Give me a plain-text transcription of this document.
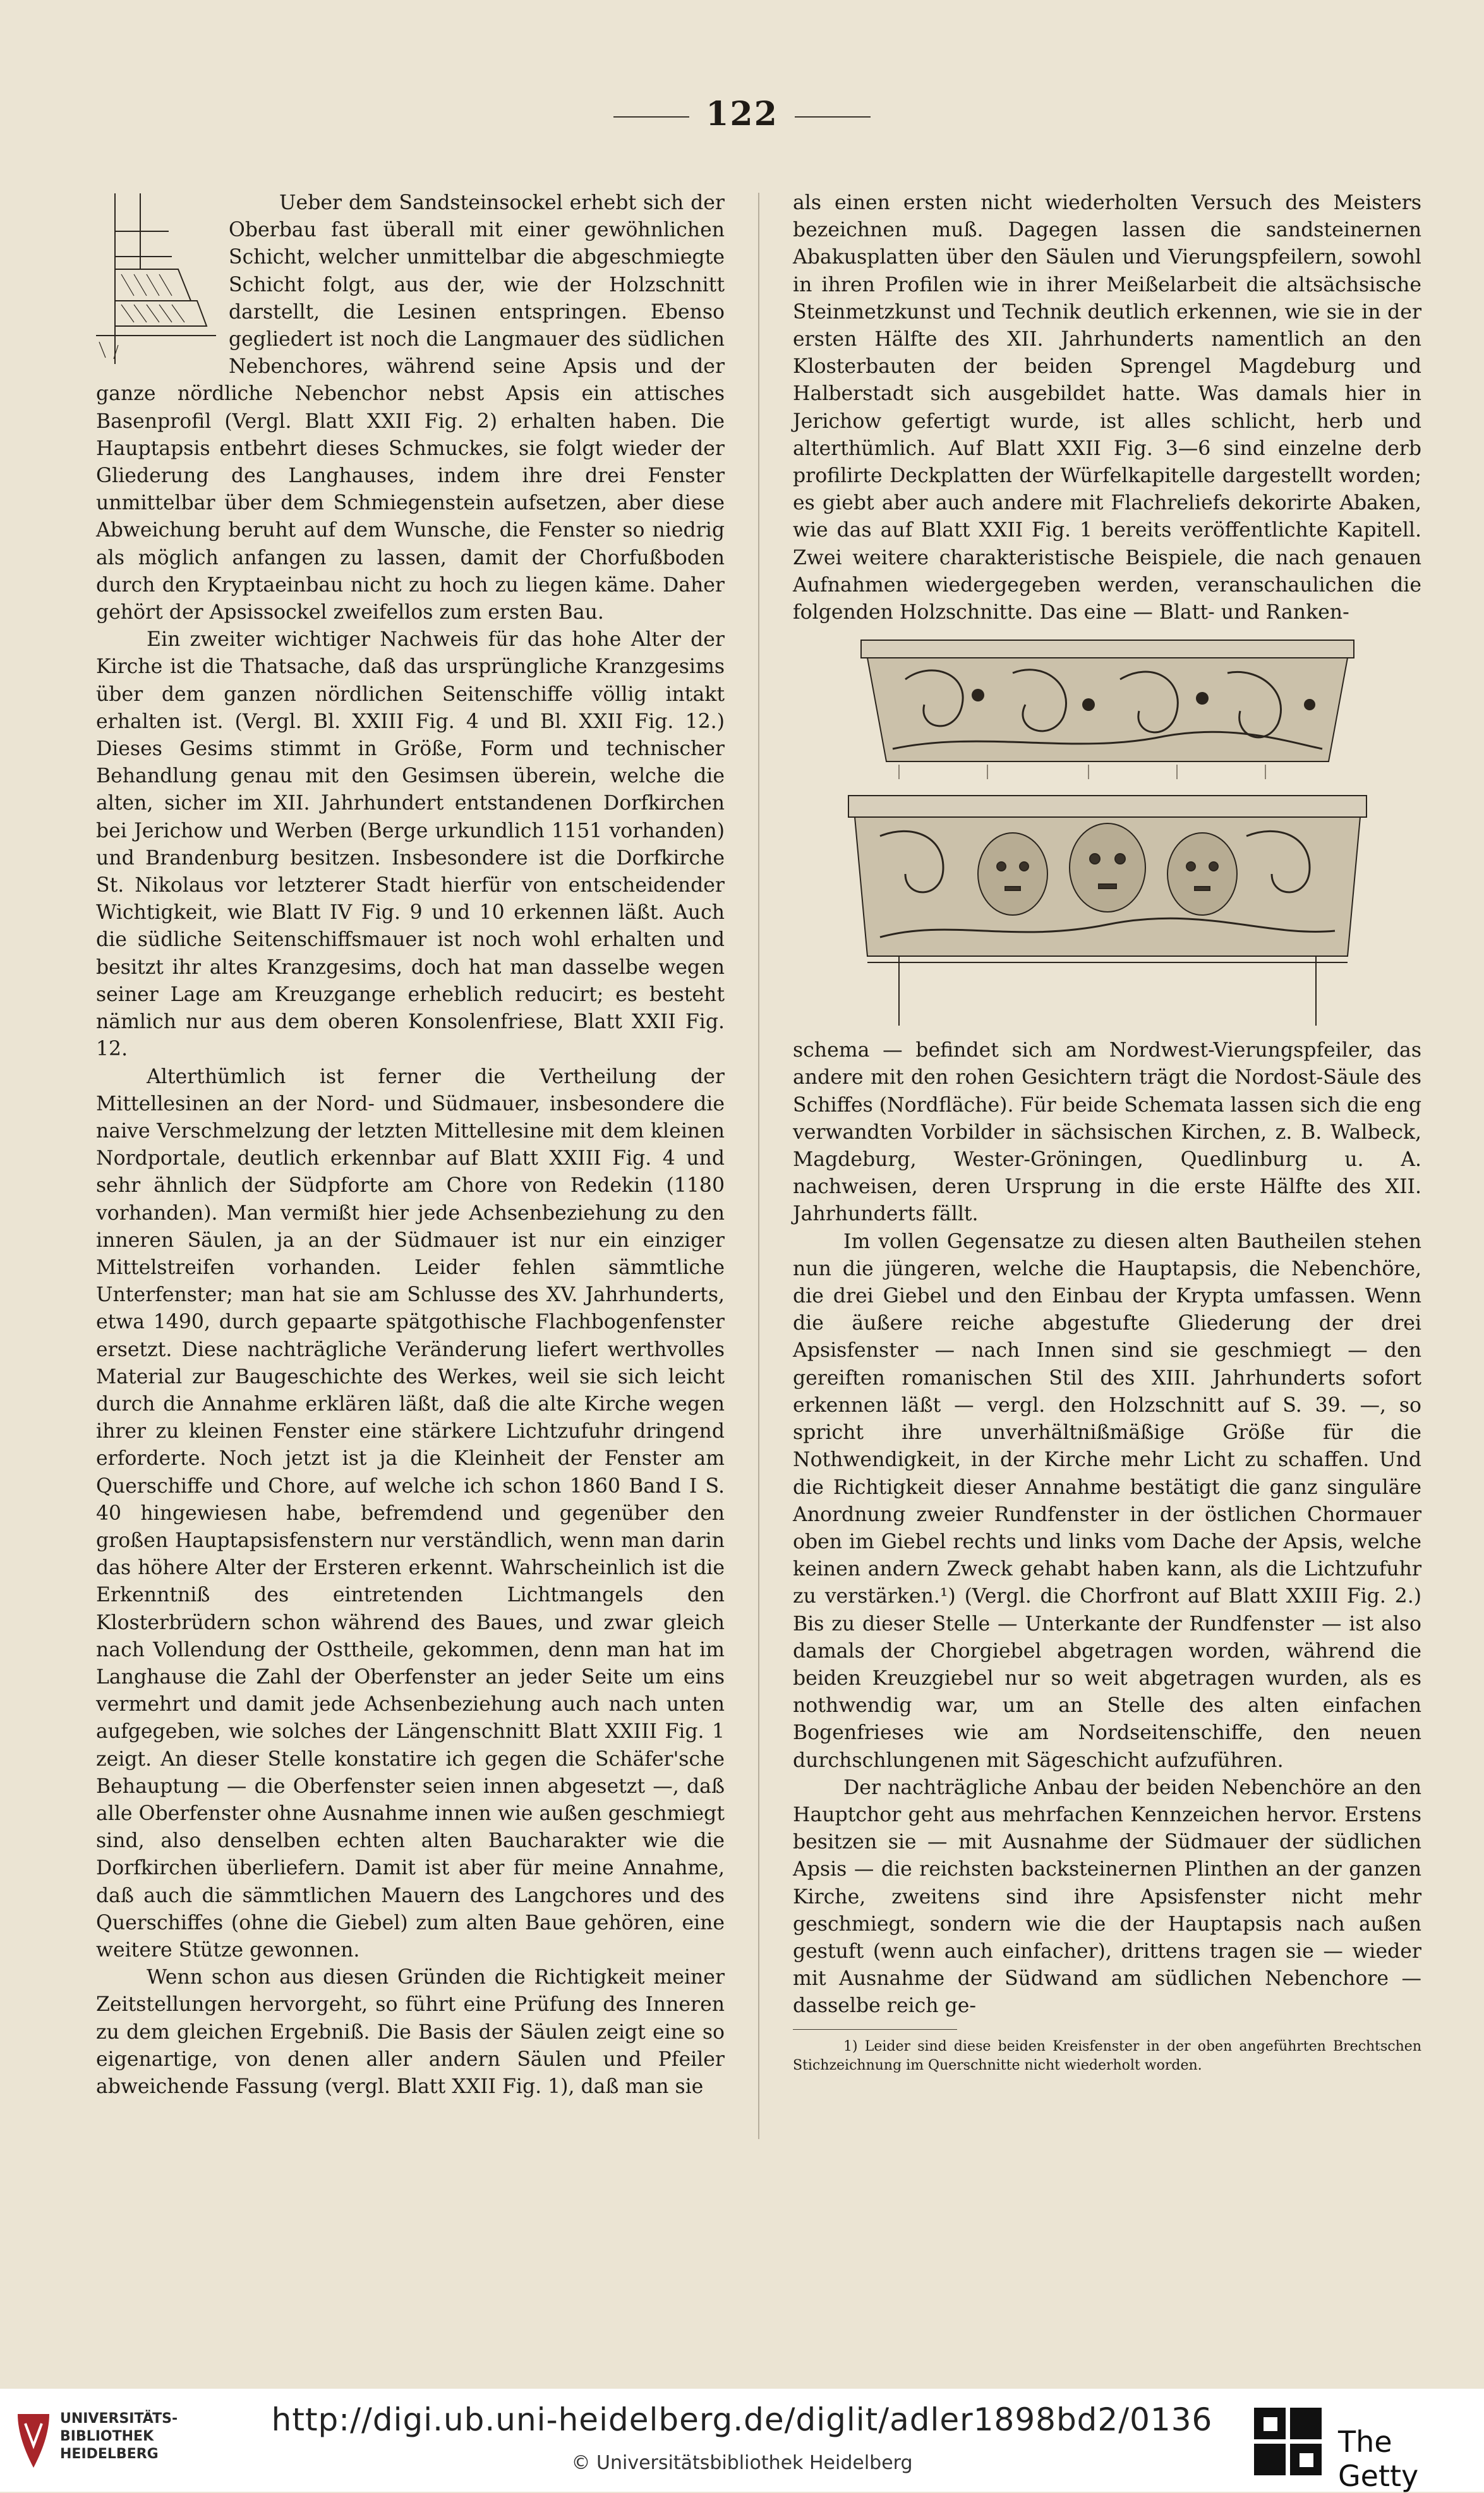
122

Ueber dem Sandsteinsockel erhebt sich der Oberbau fast überall mit einer gewöhnlichen Schicht, welcher unmittelbar die abgeschmiegte Schicht folgt, aus der, wie der Holzschnitt darstellt, die Lesinen entspringen. Ebenso gegliedert ist noch die Langmauer des südlichen Nebenchores, während seine Apsis und der ganze nördliche Nebenchor nebst Apsis ein attisches Basenprofil (Vergl. Blatt XXII Fig. 2) erhalten haben. Die Hauptapsis entbehrt dieses Schmuckes, sie folgt wieder der Gliederung des Langhauses, indem ihre drei Fenster unmittelbar über dem Schmiegenstein aufsetzen, aber diese Abweichung beruht auf dem Wunsche, die Fenster so niedrig als möglich anfangen zu lassen, damit der Chorfußboden durch den Kryptaeinbau nicht zu hoch zu liegen käme. Daher gehört der Apsissockel zweifellos zum ersten Bau.

Ein zweiter wichtiger Nachweis für das hohe Alter der Kirche ist die Thatsache, daß das ursprüngliche Kranzgesims über dem ganzen nördlichen Seitenschiffe völlig intakt erhalten ist. (Vergl. Bl. XXIII Fig. 4 und Bl. XXII Fig. 12.) Dieses Gesims stimmt in Größe, Form und technischer Behandlung genau mit den Gesimsen überein, welche die alten, sicher im XII. Jahrhundert entstandenen Dorfkirchen bei Jerichow und Werben (Berge urkundlich 1151 vorhanden) und Brandenburg besitzen. Insbesondere ist die Dorfkirche St. Nikolaus vor letzterer Stadt hierfür von entscheidender Wichtigkeit, wie Blatt IV Fig. 9 und 10 erkennen läßt. Auch die südliche Seitenschiffsmauer ist noch wohl erhalten und besitzt ihr altes Kranzgesims, doch hat man dasselbe wegen seiner Lage am Kreuzgange erheblich reducirt; es besteht nämlich nur aus dem oberen Konsolenfriese, Blatt XXII Fig. 12.

Alterthümlich ist ferner die Vertheilung der Mittellesinen an der Nord- und Südmauer, insbesondere die naive Verschmelzung der letzten Mittellesine mit dem kleinen Nordportale, deutlich erkennbar auf Blatt XXIII Fig. 4 und sehr ähnlich der Südpforte am Chore von Redekin (1180 vorhanden). Man vermißt hier jede Achsenbeziehung zu den inneren Säulen, ja an der Südmauer ist nur ein einziger Mittelstreifen vorhanden. Leider fehlen sämmtliche Unterfenster; man hat sie am Schlusse des XV. Jahrhunderts, etwa 1490, durch gepaarte spätgothische Flachbogenfenster ersetzt. Diese nachträgliche Veränderung liefert werthvolles Material zur Baugeschichte des Werkes, weil sie sich leicht durch die Annahme erklären läßt, daß die alte Kirche wegen ihrer zu kleinen Fenster eine stärkere Lichtzufuhr dringend erforderte. Noch jetzt ist ja die Kleinheit der Fenster am Querschiffe und Chore, auf welche ich schon 1860 Band I S. 40 hingewiesen habe, befremdend und gegenüber den großen Hauptapsisfenstern nur verständlich, wenn man darin das höhere Alter der Ersteren erkennt. Wahrscheinlich ist die Erkenntniß des eintretenden Lichtmangels den Klosterbrüdern schon während des Baues, und zwar gleich nach Vollendung der Osttheile, gekommen, denn man hat im Langhause die Zahl der Oberfenster an jeder Seite um eins vermehrt und damit jede Achsenbeziehung auch nach unten aufgegeben, wie solches der Längenschnitt Blatt XXIII Fig. 1 zeigt. An dieser Stelle konstatire ich gegen die Schäfer'sche Behauptung — die Oberfenster seien innen abgesetzt —, daß alle Oberfenster ohne Ausnahme innen wie außen geschmiegt sind, also denselben echten alten Baucharakter wie die Dorfkirchen überliefern. Damit ist aber für meine Annahme, daß auch die sämmtlichen Mauern des Langchores und des Querschiffes (ohne die Giebel) zum alten Baue gehören, eine weitere Stütze gewonnen.

Wenn schon aus diesen Gründen die Richtigkeit meiner Zeitstellungen hervorgeht, so führt eine Prüfung des Inneren zu dem gleichen Ergebniß. Die Basis der Säulen zeigt eine so eigenartige, von denen aller andern Säulen und Pfeiler abweichende Fassung (vergl. Blatt XXII Fig. 1), daß man sie

als einen ersten nicht wiederholten Versuch des Meisters bezeichnen muß. Dagegen lassen die sandsteinernen Abakusplatten über den Säulen und Vierungspfeilern, sowohl in ihren Profilen wie in ihrer Meißelarbeit die altsächsische Steinmetzkunst und Technik deutlich erkennen, wie sie in der ersten Hälfte des XII. Jahrhunderts namentlich an den Klosterbauten der beiden Sprengel Magdeburg und Halberstadt sich ausgebildet hatte. Was damals hier in Jerichow gefertigt wurde, ist alles schlicht, herb und alterthümlich. Auf Blatt XXII Fig. 3—6 sind einzelne derb profilirte Deckplatten der Würfelkapitelle dargestellt worden; es giebt aber auch andere mit Flachreliefs dekorirte Abaken, wie das auf Blatt XXII Fig. 1 bereits veröffentlichte Kapitell. Zwei weitere charakteristische Beispiele, die nach genauen Aufnahmen wiedergegeben werden, veranschaulichen die folgenden Holzschnitte. Das eine — Blatt- und Ranken-

schema — befindet sich am Nordwest-Vierungspfeiler, das andere mit den rohen Gesichtern trägt die Nordost-Säule des Schiffes (Nordfläche). Für beide Schemata lassen sich die eng verwandten Vorbilder in sächsischen Kirchen, z. B. Walbeck, Magdeburg, Wester-Gröningen, Quedlinburg u. A. nachweisen, deren Ursprung in die erste Hälfte des XII. Jahrhunderts fällt.

Im vollen Gegensatze zu diesen alten Bautheilen stehen nun die jüngeren, welche die Hauptapsis, die Nebenchöre, die drei Giebel und den Einbau der Krypta umfassen. Wenn die äußere reiche abgestufte Gliederung der drei Apsisfenster — nach Innen sind sie geschmiegt — den gereiften romanischen Stil des XIII. Jahrhunderts sofort erkennen läßt — vergl. den Holzschnitt auf S. 39. —, so spricht ihre unverhältnißmäßige Größe für die Nothwendigkeit, in der Kirche mehr Licht zu schaffen. Und die Richtigkeit dieser Annahme bestätigt die ganz singuläre Anordnung zweier Rundfenster in der östlichen Chormauer oben im Giebel rechts und links vom Dache der Apsis, welche keinen andern Zweck gehabt haben kann, als die Lichtzufuhr zu verstärken.¹) (Vergl. die Chorfront auf Blatt XXIII Fig. 2.) Bis zu dieser Stelle — Unterkante der Rundfenster — ist also damals der Chorgiebel abgetragen worden, während die beiden Kreuzgiebel nur so weit abgetragen wurden, als es nothwendig war, um an Stelle des alten einfachen Bogenfrieses wie am Nordseitenschiffe, den neuen durchschlungenen mit Sägeschicht aufzuführen.

Der nachträgliche Anbau der beiden Nebenchöre an den Hauptchor geht aus mehrfachen Kennzeichen hervor. Erstens besitzen sie — mit Ausnahme der Südmauer der südlichen Apsis — die reichsten backsteinernen Plinthen an der ganzen Kirche, zweitens sind ihre Apsisfenster nicht mehr geschmiegt, sondern wie die der Hauptapsis nach außen gestuft (wenn auch einfacher), drittens tragen sie — wieder mit Ausnahme der Südwand am südlichen Nebenchore — dasselbe reich ge-

1) Leider sind diese beiden Kreisfenster in der oben angeführten Brechtschen Stichzeichnung im Querschnitte nicht wiederholt worden.

UNIVERSITÄTS-
BIBLIOTHEK
HEIDELBERG
http://digi.ub.uni-heidelberg.de/diglit/adler1898bd2/0136
© Universitätsbibliothek Heidelberg
The Getty
